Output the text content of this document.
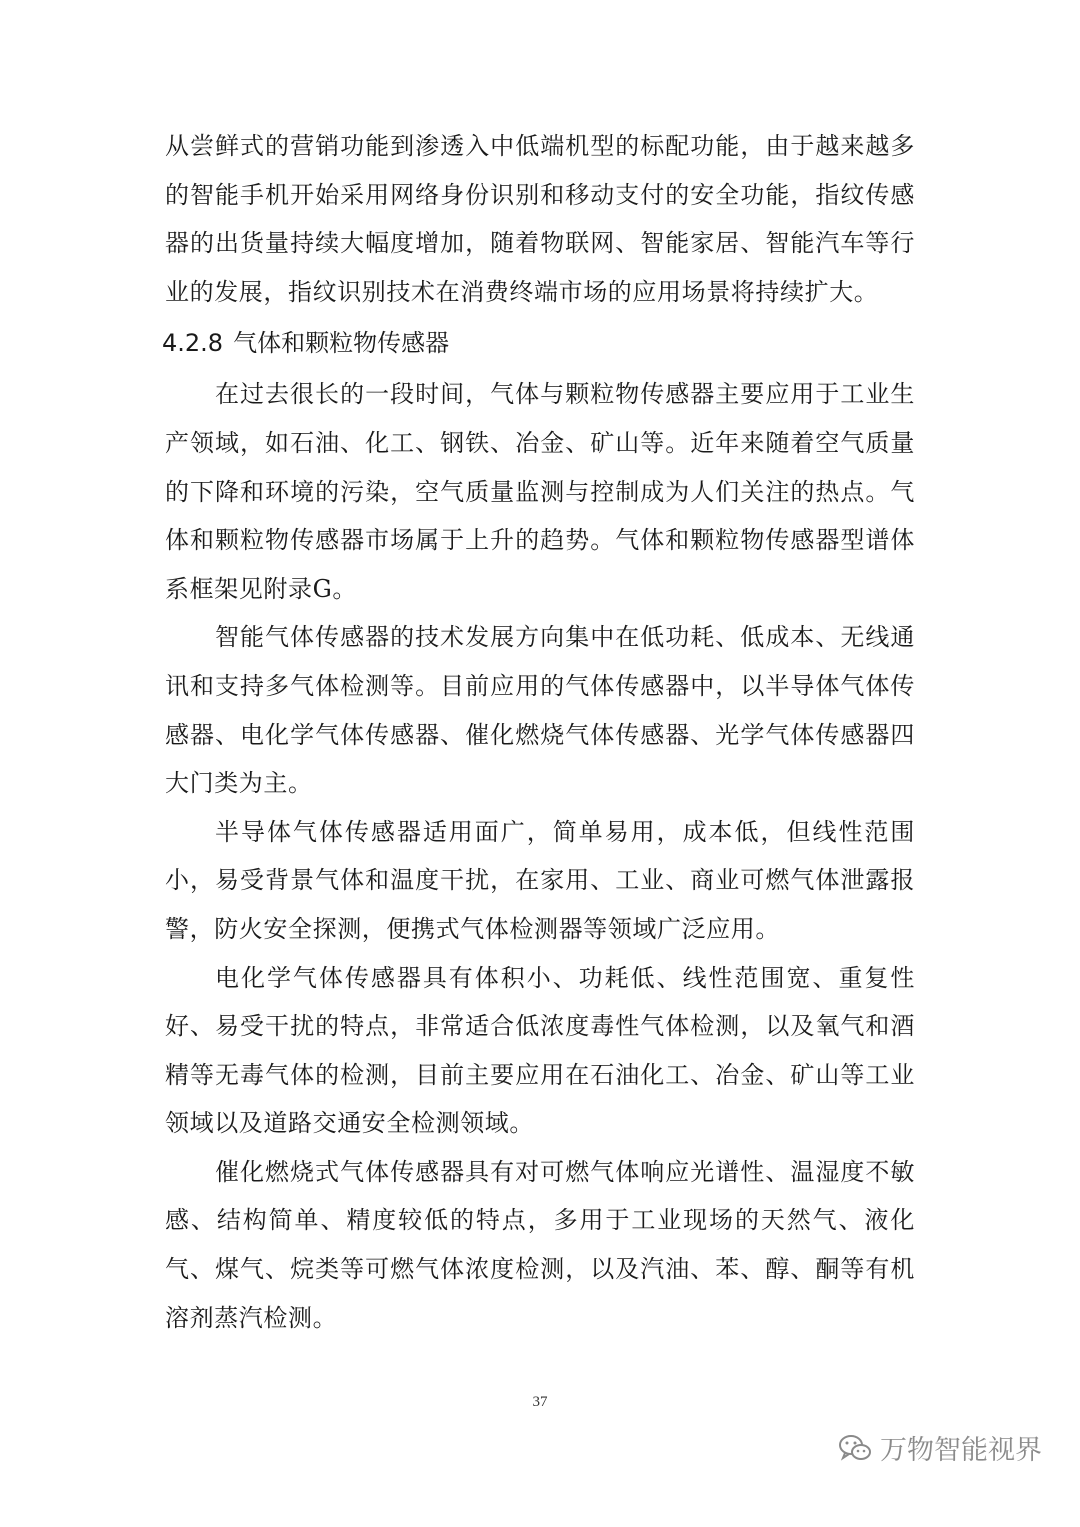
从尝鲜式的营销功能到渗透入中低端机型的标配功能，由于越来越多的智能手机开始采用网络身份识别和移动支付的安全功能，指纹传感器的出货量持续大幅度增加，随着物联网、智能家居、智能汽车等行业的发展，指纹识别技术在消费终端市场的应用场景将持续扩大。

4.2.8 气体和颗粒物传感器

在过去很长的一段时间，气体与颗粒物传感器主要应用于工业生产领域，如石油、化工、钢铁、冶金、矿山等。近年来随着空气质量的下降和环境的污染，空气质量监测与控制成为人们关注的热点。气体和颗粒物传感器市场属于上升的趋势。气体和颗粒物传感器型谱体系框架见附录G。

智能气体传感器的技术发展方向集中在低功耗、低成本、无线通讯和支持多气体检测等。目前应用的气体传感器中，以半导体气体传感器、电化学气体传感器、催化燃烧气体传感器、光学气体传感器四大门类为主。

半导体气体传感器适用面广，简单易用，成本低，但线性范围小，易受背景气体和温度干扰，在家用、工业、商业可燃气体泄露报警，防火安全探测，便携式气体检测器等领域广泛应用。

电化学气体传感器具有体积小、功耗低、线性范围宽、重复性好、易受干扰的特点，非常适合低浓度毒性气体检测，以及氧气和酒精等无毒气体的检测，目前主要应用在石油化工、冶金、矿山等工业领域以及道路交通安全检测领域。

催化燃烧式气体传感器具有对可燃气体响应光谱性、温湿度不敏感、结构简单、精度较低的特点，多用于工业现场的天然气、液化气、煤气、烷类等可燃气体浓度检测，以及汽油、苯、醇、酮等有机溶剂蒸汽检测。

37
万物智能视界
